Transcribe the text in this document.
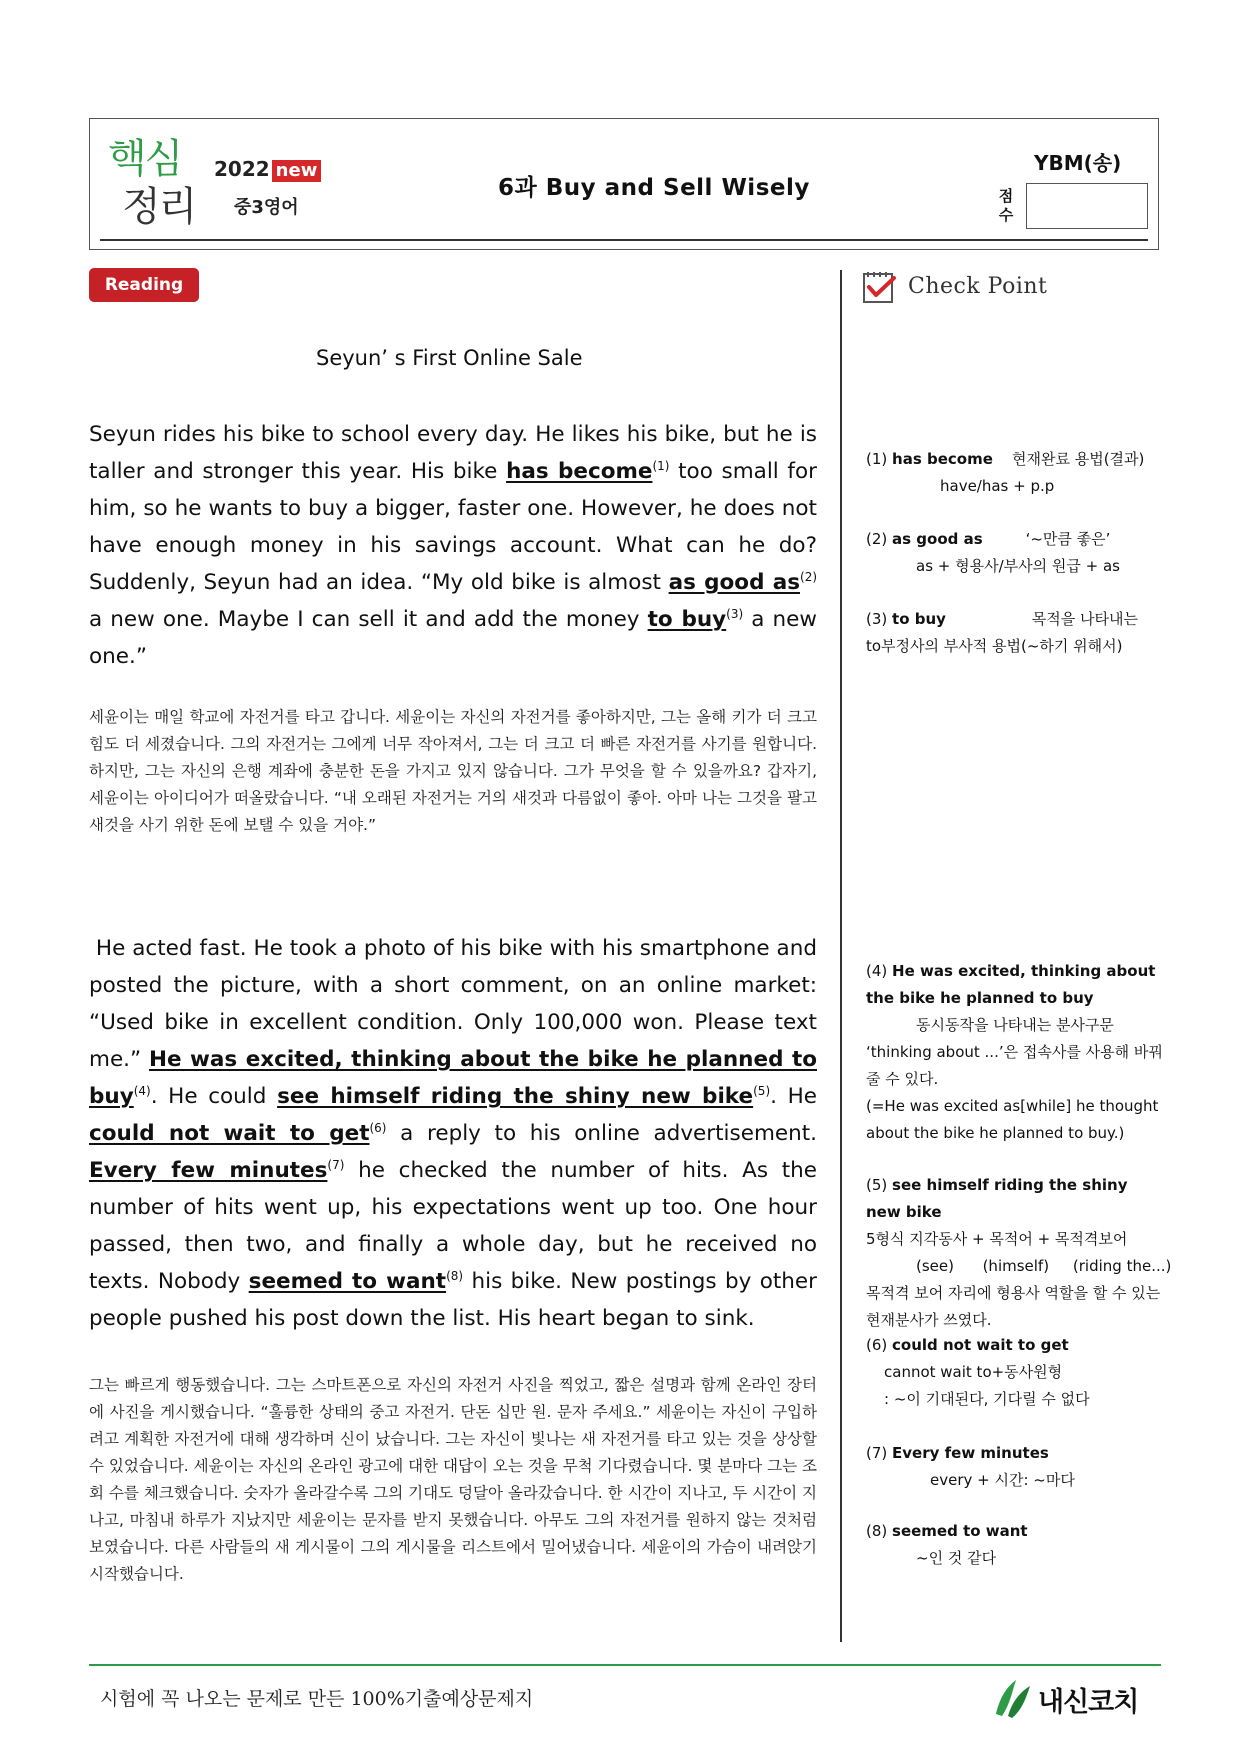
핵심
정리
2022 new
중3영어
6과 Buy and Sell Wisely
YBM(송)
점 수
Reading	Check Point
Seyun’ s First Online Sale
Seyun rides his bike to school every day. He likes his bike, but he is taller and stronger this year. His bike has become$^{(1)}$ too small for him, so he wants to buy a bigger, faster one. However, he does not have enough money in his savings account. What can he do? Suddenly, Seyun had an idea. “My old bike is almost as good $as^{(2)}$ a new one. Maybe I can sell it and add the money to buy$^{(3)}$ a new one.”
세윤이는 매일 학교에 자전거를 타고 갑니다. 세윤이는 자신의 자전거를 좋아하지만, 그는 올해 키가 더 크고 힘도 더 세졌습니다. 그의 자전거는 그에게 너무 작아져서, 그는 더 크고 더 빠른 자전거를 사기를 원합니다. 하지만, 그는 자신의 은행 계좌에 충분한 돈을 가지고 있지 않습니다. 그가 무엇을 할 수 있을까요? 갑자기, 세윤이는 아이디어가 떠올랐습니다. “내 오래된 자전거는 거의 새것과 다름없이 좋아. 아마 나는 그것을 팔고 새것을 사기 위한 돈에 보탤 수 있을 거야.”
He acted fast. He took a photo of his bike with his smartphone and posted the picture, with a short comment, on an online market: “Used bike in excellent condition. Only 100,000 won. Please text me.” He was excited, thinking about the bike he planned to buy$^{(4)}$. He could see himself riding the shiny new bike$^{(5)}$. He could not wait to get$^{(6)}$ a reply to his online advertisement. Every few minutes$^{(7)}$ he checked the number of hits. As the number of hits went up, his expectations went up too. One hour passed, then two, and finally a whole day, but he received no texts. Nobody seemed to want$^{(8)}$ his bike. New postings by other people pushed his post down the list. His heart began to sink.
그는 빠르게 행동했습니다. 그는 스마트폰으로 자신의 자전거 사진을 찍었고, 짧은 설명과 함께 온라인 장터에 사진을 게시했습니다. “훌륭한 상태의 중고 자전거. 단돈 십만 원. 문자 주세요.” 세윤이는 자신이 구입하려고 계획한 자전거에 대해 생각하며 신이 났습니다. 그는 자신이 빛나는 새 자전거를 타고 있는 것을 상상할 수 있었습니다. 세윤이는 자신의 온라인 광고에 대한 대답이 오는 것을 무척 기다렸습니다. 몇 분마다 그는 조회 수를 체크했습니다. 숫자가 올라갈수록 그의 기대도 덩달아 올라갔습니다. 한 시간이 지나고, 두 시간이 지나고, 마침내 하루가 지났지만 세윤이는 문자를 받지 못했습니다. 아무도 그의 자전거를 원하지 않는 것처럼 보였습니다. 다른 사람들의 새 게시물이 그의 게시물을 리스트에서 밀어냈습니다. 세윤이의 가슴이 내려앉기 시작했습니다.
(1) has become 현재완료 용법(결과)
have/has + p.p
(2) as good as	‘~만큼 좋은’
as + 형용사/부사의 원급 + as
(3) to buy	목적을 나타내는
to부정사의 부사적 용법(~하기 위해서)
(4) He was excited, thinking about the bike he planned to buy
동시동작을 나타내는 분사구문
‘thinking about ...’은 접속사를 사용해 바꿔줄 수 있다.
(=He was excited as[while] he thought about the bike he planned to buy.)
(5) see himself riding the shiny new bike
5형식 지각동사 + 목적어 + 목적격보어
(see)      (himself)     (riding the...)
목적격 보어 자리에 형용사 역할을 할 수 있는 현재분사가 쓰였다.
(6) could not wait to get
cannot wait to+동사원형
: ~이 기대된다, 기다릴 수 없다
(7) Every few minutes
every + 시간: ~마다
(8) seemed to want
~인 것 같다
시험에 꼭 나오는 문제로 만든 100%기출예상문제지	내신코치
